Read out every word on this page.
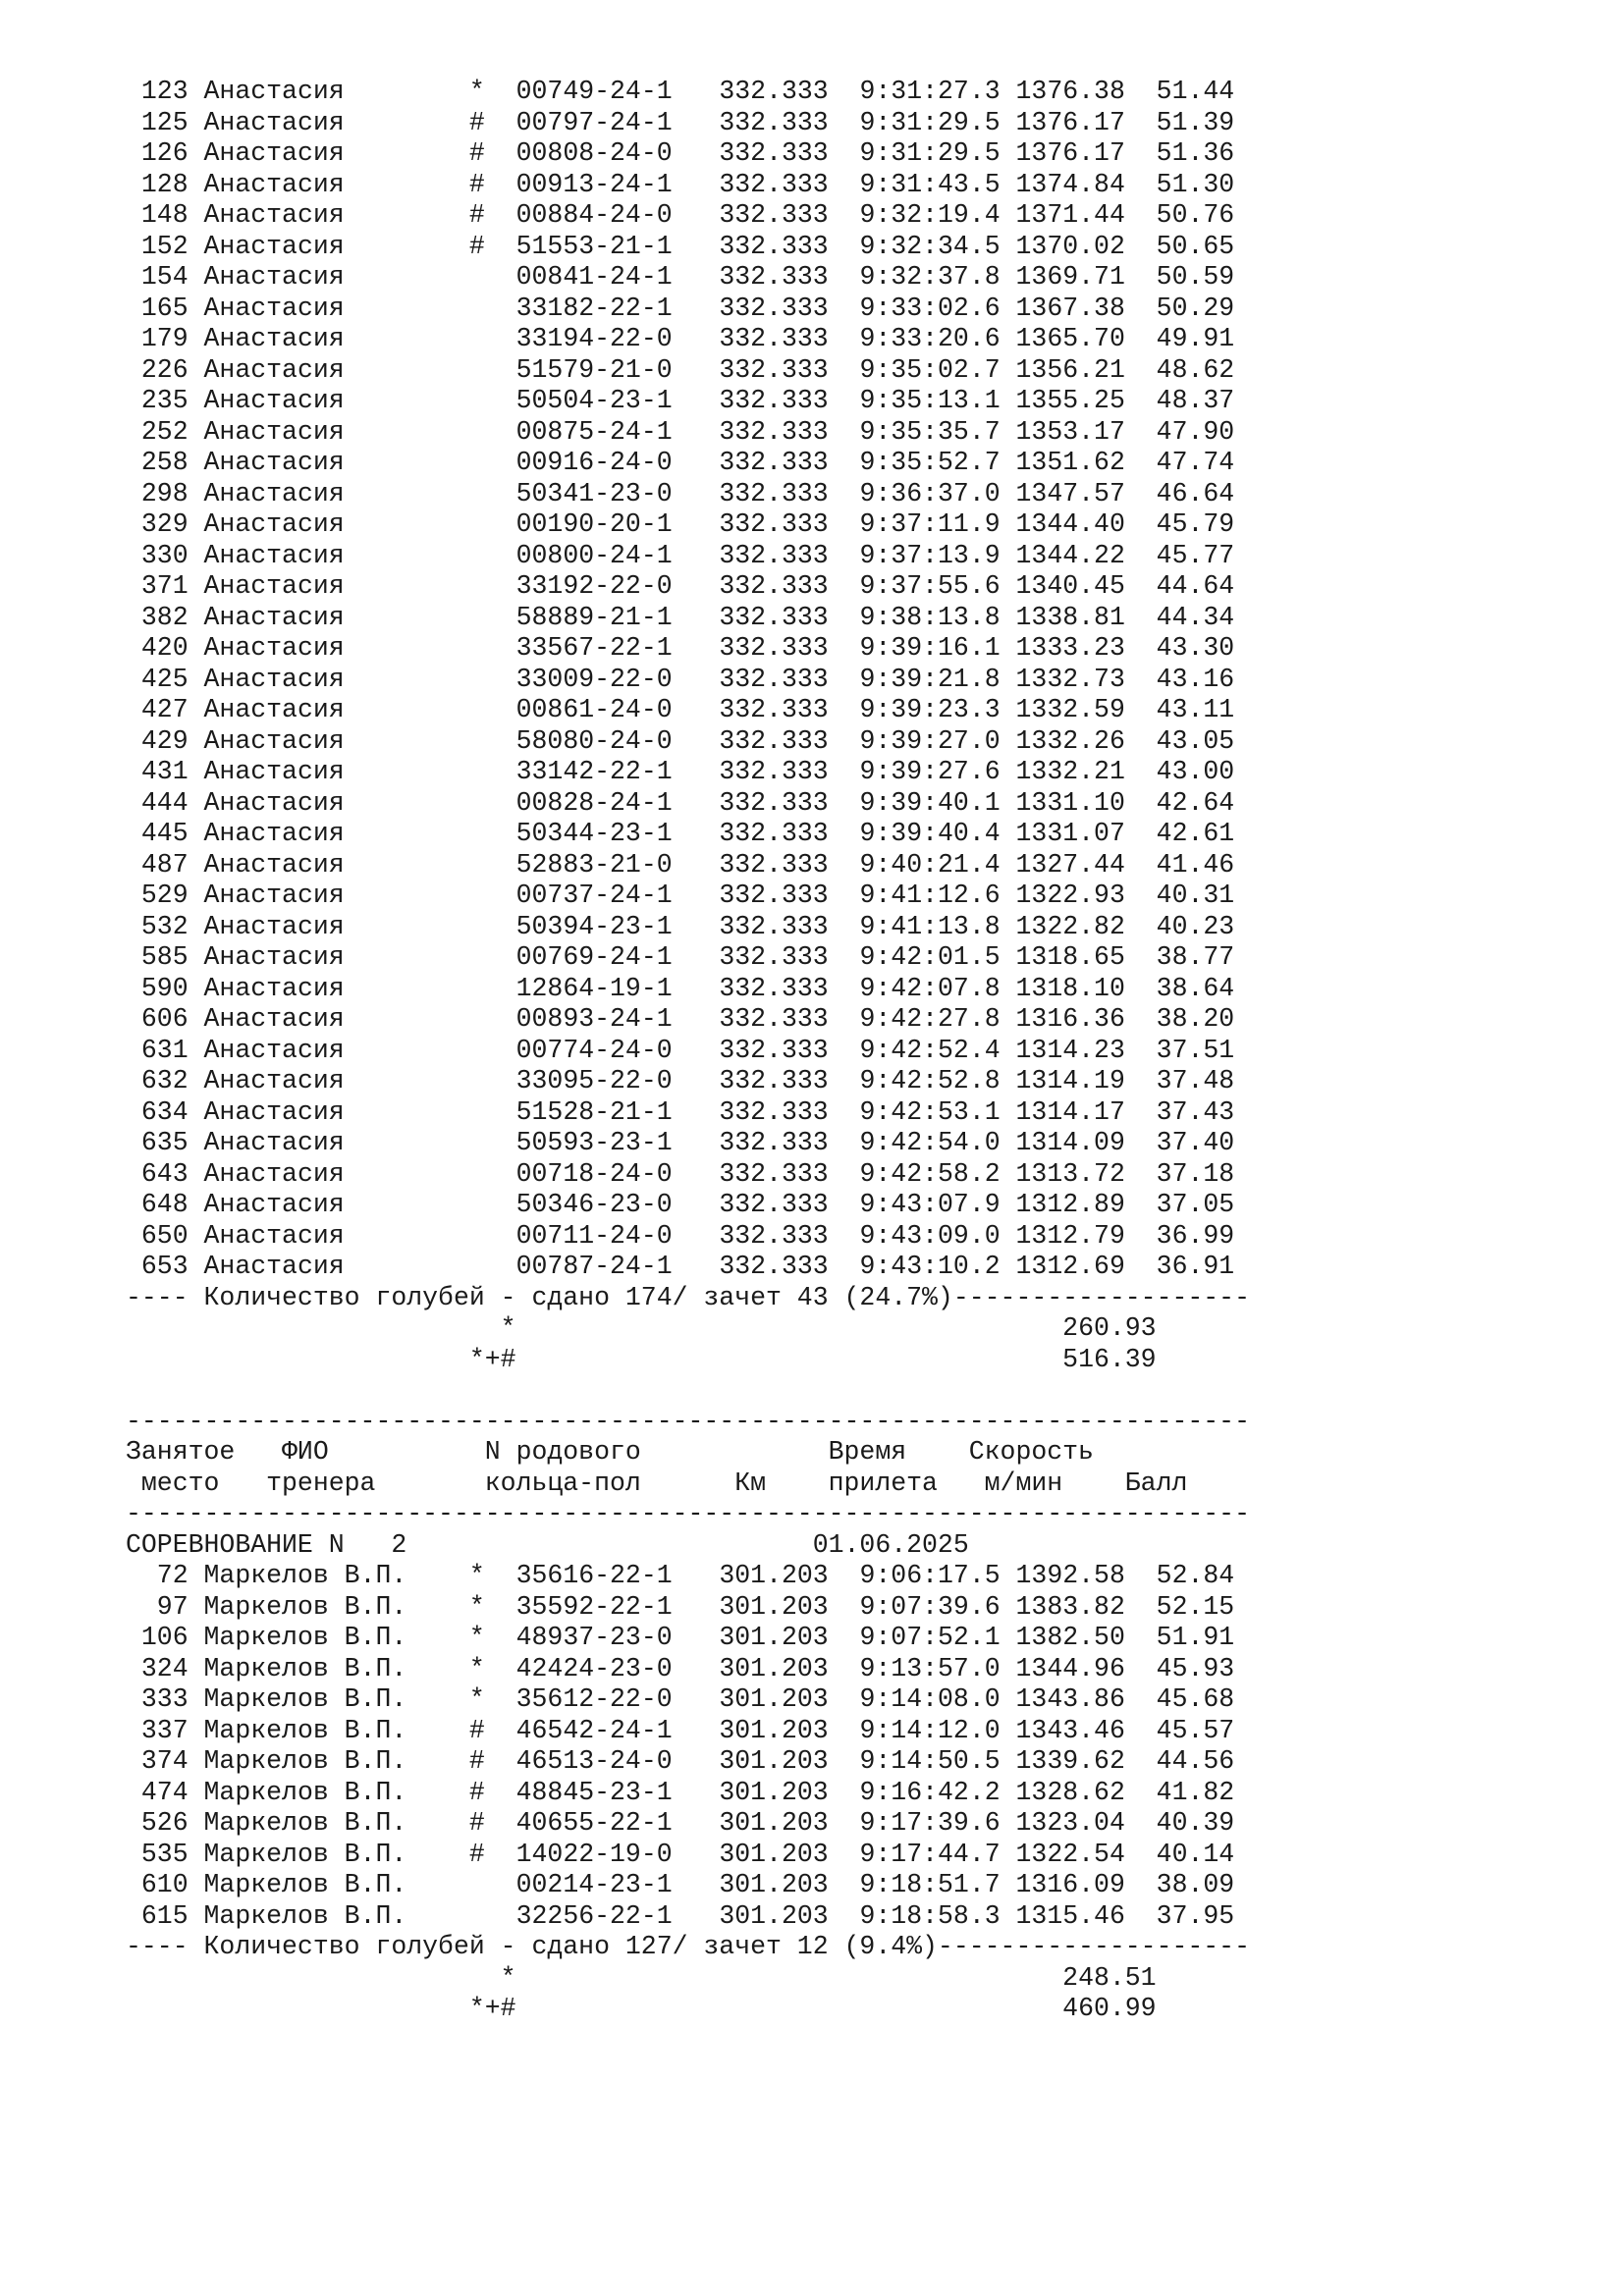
123 Анастасия        *  00749-24-1   332.333 9:31:27.3 1376.38  51.44
125 Анастасия        #  00797-24-1   332.333 9:31:29.5 1376.17  51.39
126 Анастасия        #  00808-24-0   332.333 9:31:29.5 1376.17  51.36
128 Анастасия        #  00913-24-1   332.333 9:31:43.5 1374.84  51.30
148 Анастасия        #  00884-24-0   332.333 9:32:19.4 1371.44  50.76
152 Анастасия        #  51553-21-1   332.333 9:32:34.5 1370.02  50.65
154 Анастасия           00841-24-1   332.333 9:32:37.8 1369.71  50.59
165 Анастасия           33182-22-1   332.333 9:33:02.6 1367.38  50.29
179 Анастасия           33194-22-0   332.333 9:33:20.6 1365.70  49.91
226 Анастасия           51579-21-0   332.333 9:35:02.7 1356.21  48.62
235 Анастасия           50504-23-1   332.333 9:35:13.1 1355.25  48.37
252 Анастасия           00875-24-1   332.333 9:35:35.7 1353.17  47.90
258 Анастасия           00916-24-0   332.333 9:35:52.7 1351.62  47.74
298 Анастасия           50341-23-0   332.333 9:36:37.0 1347.57  46.64
329 Анастасия           00190-20-1   332.333 9:37:11.9 1344.40  45.79
330 Анастасия           00800-24-1   332.333 9:37:13.9 1344.22  45.77
371 Анастасия           33192-22-0   332.333 9:37:55.6 1340.45  44.64
382 Анастасия           58889-21-1   332.333 9:38:13.8 1338.81  44.34
420 Анастасия           33567-22-1   332.333 9:39:16.1 1333.23  43.30
425 Анастасия           33009-22-0   332.333 9:39:21.8 1332.73  43.16
427 Анастасия           00861-24-0   332.333 9:39:23.3 1332.59  43.11
429 Анастасия           58080-24-0   332.333 9:39:27.0 1332.26  43.05
431 Анастасия           33142-22-1   332.333 9:39:27.6 1332.21  43.00
444 Анастасия           00828-24-1   332.333 9:39:40.1 1331.10  42.64
445 Анастасия           50344-23-1   332.333 9:39:40.4 1331.07  42.61
487 Анастасия           52883-21-0   332.333 9:40:21.4 1327.44  41.46
529 Анастасия           00737-24-1   332.333 9:41:12.6 1322.93  40.31
532 Анастасия           50394-23-1   332.333 9:41:13.8 1322.82  40.23
585 Анастасия           00769-24-1   332.333 9:42:01.5 1318.65  38.77
590 Анастасия           12864-19-1   332.333 9:42:07.8 1318.10  38.64
606 Анастасия           00893-24-1   332.333 9:42:27.8 1316.36  38.20
631 Анастасия           00774-24-0   332.333 9:42:52.4 1314.23  37.51
632 Анастасия           33095-22-0   332.333 9:42:52.8 1314.19  37.48
634 Анастасия           51528-21-1   332.333 9:42:53.1 1314.17  37.43
635 Анастасия           50593-23-1   332.333 9:42:54.0 1314.09  37.40
643 Анастасия           00718-24-0   332.333 9:42:58.2 1313.72  37.18
648 Анастасия           50346-23-0   332.333 9:43:07.9 1312.89  37.05
650 Анастасия           00711-24-0   332.333 9:43:09.0 1312.79  36.99
653 Анастасия           00787-24-1   332.333 9:43:10.2 1312.69  36.91
---- Количество голубей - сдано 174/ зачет 43 (24.7%)-------------------
*	260.93
*+#	516.39

------------------------------------------------------------------------
Занятое   ФИО          N родового            Время    Скорость
место   тренера       кольца-пол      Км    прилета   м/мин    Балл
------------------------------------------------------------------------
СОРЕВНОВАНИЕ N   2                          01.06.2025
72 Маркелов В.П.    *  35616-22-1   301.203 9:06:17.5 1392.58  52.84
97 Маркелов В.П.    *  35592-22-1   301.203 9:07:39.6 1383.82  52.15
106 Маркелов В.П.    *  48937-23-0   301.203 9:07:52.1 1382.50  51.91
324 Маркелов В.П.    *  42424-23-0   301.203 9:13:57.0 1344.96  45.93
333 Маркелов В.П.    *  35612-22-0   301.203 9:14:08.0 1343.86  45.68
337 Маркелов В.П.    #  46542-24-1   301.203 9:14:12.0 1343.46  45.57
374 Маркелов В.П.    #  46513-24-0   301.203 9:14:50.5 1339.62  44.56
474 Маркелов В.П.    #  48845-23-1   301.203 9:16:42.2 1328.62  41.82
526 Маркелов В.П.    #  40655-22-1   301.203 9:17:39.6 1323.04  40.39
535 Маркелов В.П.    #  14022-19-0   301.203 9:17:44.7 1322.54  40.14
610 Маркелов В.П.       00214-23-1   301.203 9:18:51.7 1316.09  38.09
615 Маркелов В.П.       32256-22-1   301.203 9:18:58.3 1315.46  37.95
---- Количество голубей - сдано 127/ зачет 12 (9.4%)--------------------
*	248.51
*+#	460.99
